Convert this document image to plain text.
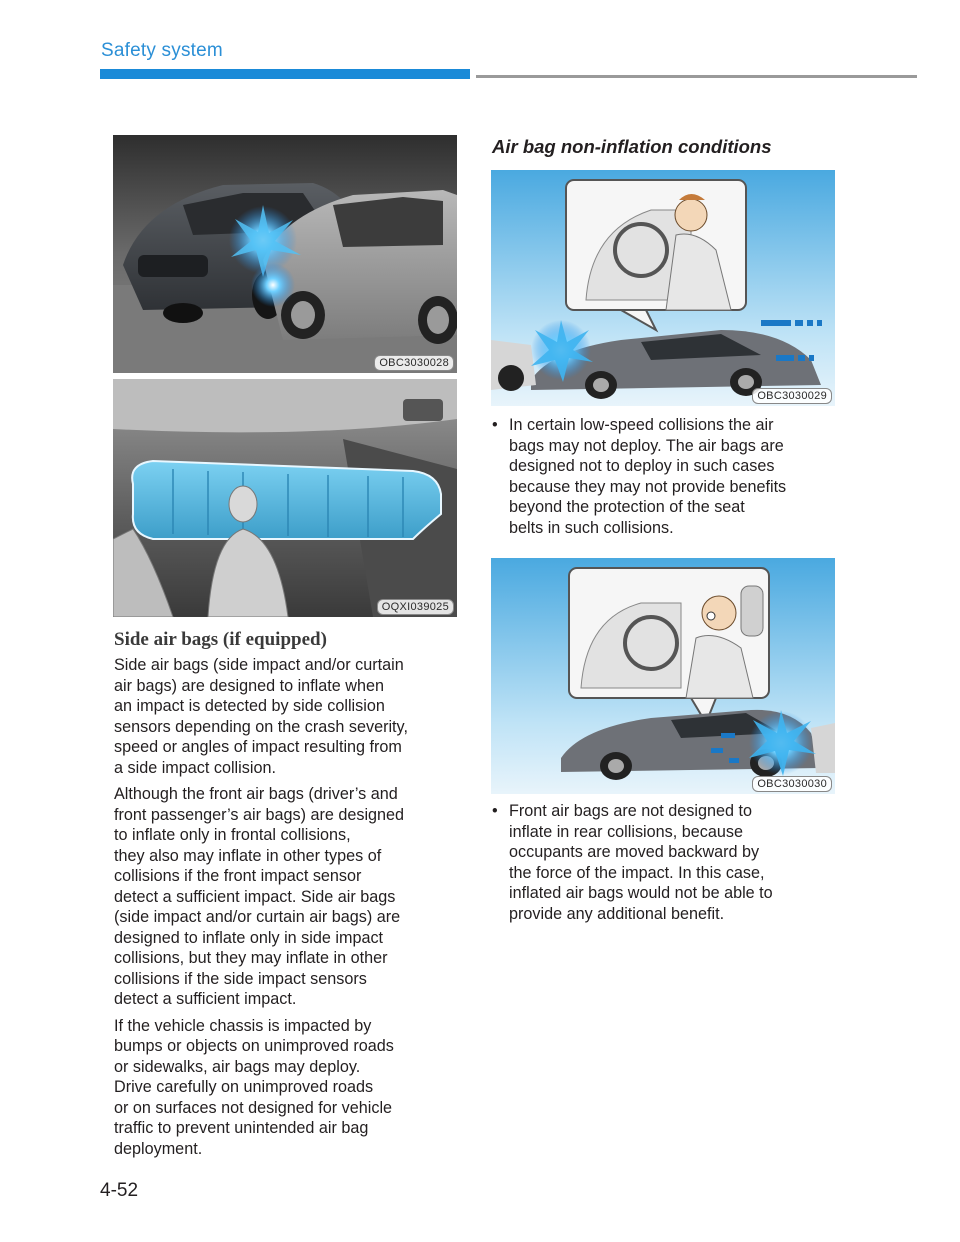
Safety system
OBC3030028
OQXI039025
Side air bags (if equipped)

Side air bags (side impact and/or curtain
air bags) are designed to inflate when
an impact is detected by side collision
sensors depending on the crash severity,
speed or angles of impact resulting from
a side impact collision.

Although the front air bags (driver’s and
front passenger’s air bags) are designed
to inflate only in frontal collisions,
they also may inflate in other types of
collisions if the front impact sensor
detect a sufficient impact. Side air bags
(side impact and/or curtain air bags) are
designed to inflate only in side impact
collisions, but they may inflate in other
collisions if the side impact sensors
detect a sufficient impact.

If the vehicle chassis is impacted by
bumps or objects on unimproved roads
or sidewalks, air bags may deploy.
Drive carefully on unimproved roads
or on surfaces not designed for vehicle
traffic to prevent unintended air bag
deployment.

Air bag non-inflation conditions
OBC3030029
• In certain low-speed collisions the air
bags may not deploy. The air bags are
designed not to deploy in such cases
because they may not provide benefits
beyond the protection of the seat
belts in such collisions.
OBC3030030
• Front air bags are not designed to
inflate in rear collisions, because
occupants are moved backward by
the force of the impact. In this case,
inflated air bags would not be able to
provide any additional benefit.
4-52
